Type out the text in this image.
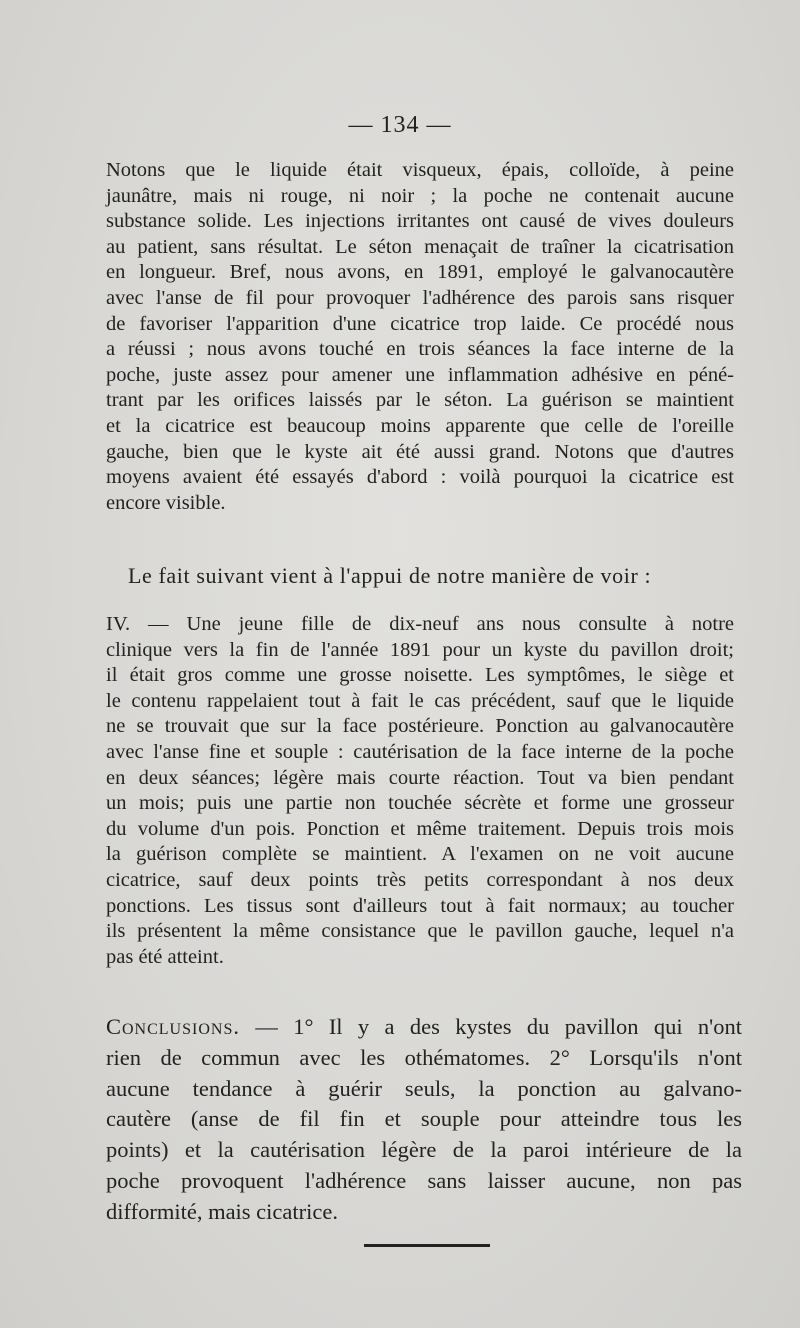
— 134 —

Notons que le liquide était visqueux, épais, colloïde, à peine
jaunâtre, mais ni rouge, ni noir ; la poche ne contenait aucune
substance solide. Les injections irritantes ont causé de vives douleurs
au patient, sans résultat. Le séton menaçait de traîner la cicatrisation
en longueur. Bref, nous avons, en 1891, employé le galvanocautère
avec l'anse de fil pour provoquer l'adhérence des parois sans risquer
de favoriser l'apparition d'une cicatrice trop laide. Ce procédé nous
a réussi ; nous avons touché en trois séances la face interne de la
poche, juste assez pour amener une inflammation adhésive en péné-
trant par les orifices laissés par le séton. La guérison se maintient
et la cicatrice est beaucoup moins apparente que celle de l'oreille
gauche, bien que le kyste ait été aussi grand. Notons que d'autres
moyens avaient été essayés d'abord : voilà pourquoi la cicatrice est
encore visible.

Le fait suivant vient à l'appui de notre manière de voir :

IV. — Une jeune fille de dix-neuf ans nous consulte à notre
clinique vers la fin de l'année 1891 pour un kyste du pavillon droit;
il était gros comme une grosse noisette. Les symptômes, le siège et
le contenu rappelaient tout à fait le cas précédent, sauf que le liquide
ne se trouvait que sur la face postérieure. Ponction au galvanocautère
avec l'anse fine et souple : cautérisation de la face interne de la poche
en deux séances; légère mais courte réaction. Tout va bien pendant
un mois; puis une partie non touchée sécrète et forme une grosseur
du volume d'un pois. Ponction et même traitement. Depuis trois mois
la guérison complète se maintient. A l'examen on ne voit aucune
cicatrice, sauf deux points très petits correspondant à nos deux
ponctions. Les tissus sont d'ailleurs tout à fait normaux; au toucher
ils présentent la même consistance que le pavillon gauche, lequel n'a
pas été atteint.

Conclusions. — 1° Il y a des kystes du pavillon qui n'ont
rien de commun avec les othématomes. 2° Lorsqu'ils n'ont
aucune tendance à guérir seuls, la ponction au galvano-
cautère (anse de fil fin et souple pour atteindre tous les
points) et la cautérisation légère de la paroi intérieure de la
poche provoquent l'adhérence sans laisser aucune, non pas
difformité, mais cicatrice.
